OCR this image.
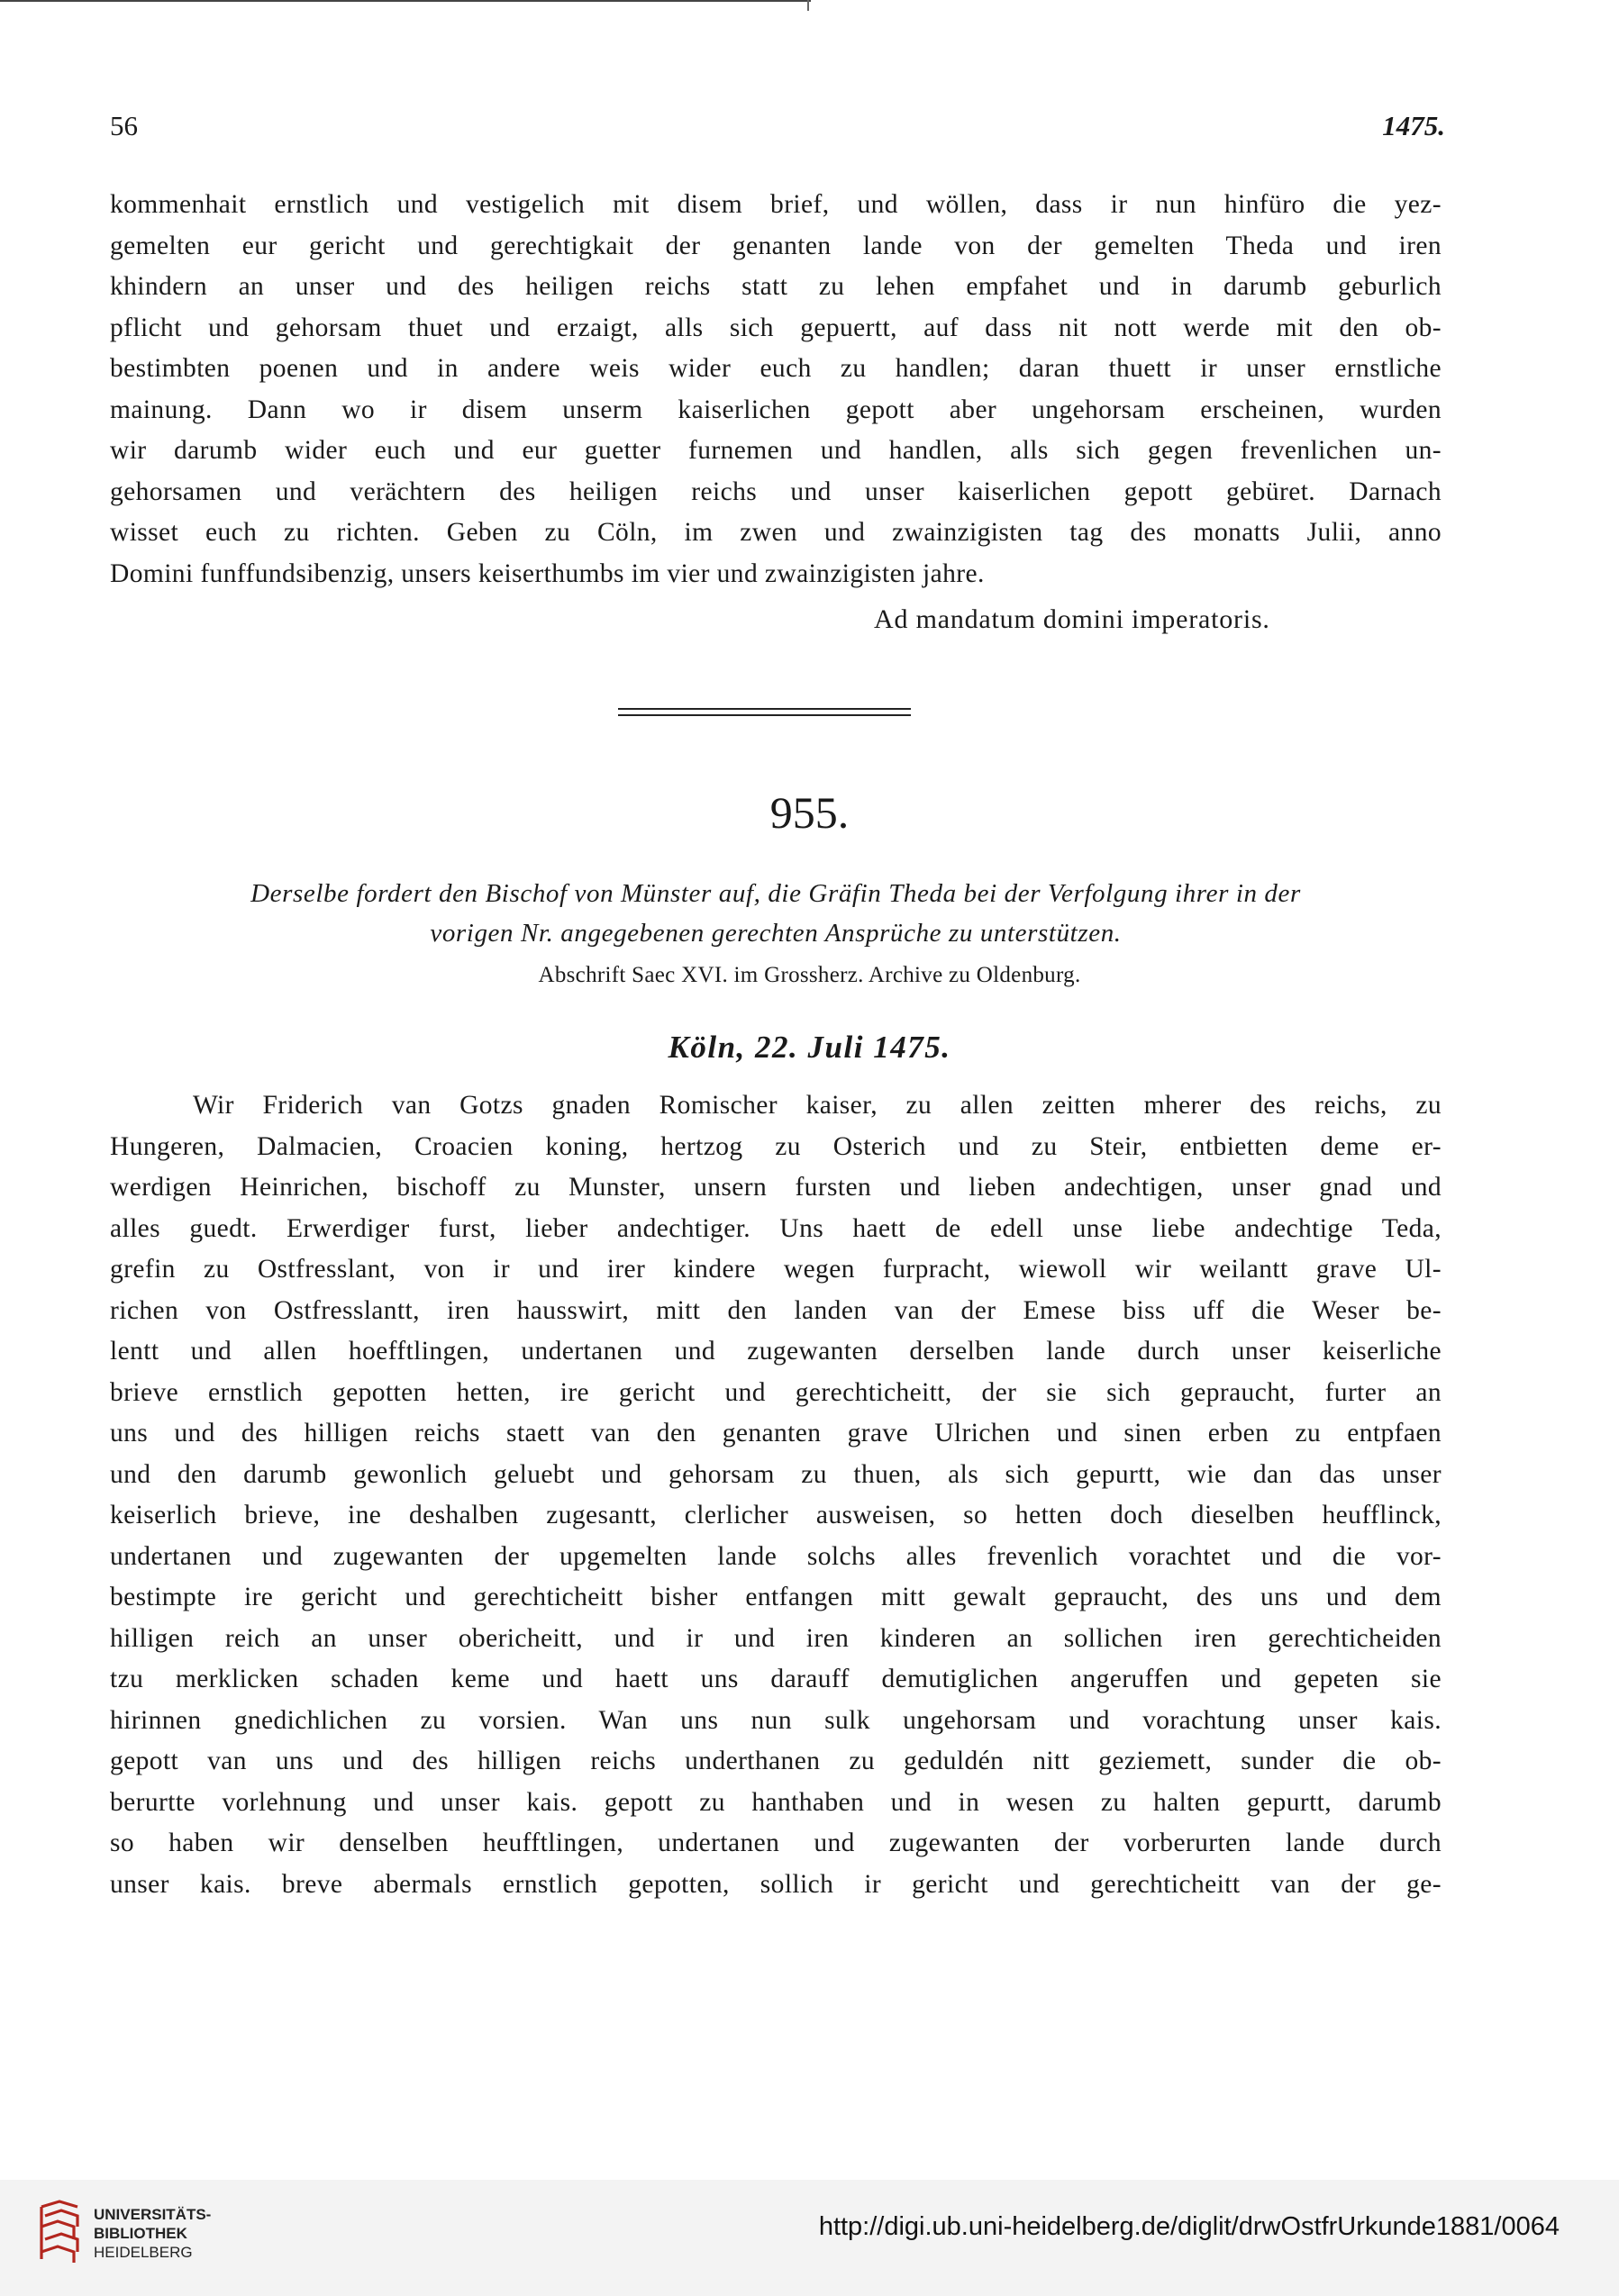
56	1475.
kommenhait ernstlich und vestigelich mit disem brief, und wöllen, dass ir nun hinfüro die yez-
gemelten eur gericht und gerechtigkait der genanten lande von der gemelten Theda und iren
khindern an unser und des heiligen reichs statt zu lehen empfahet und in darumb geburlich
pflicht und gehorsam thuet und erzaigt, alls sich gepuertt, auf dass nit nott werde mit den ob-
bestimbten poenen und in andere weis wider euch zu handlen; daran thuett ir unser ernstliche
mainung. Dann wo ir disem unserm kaiserlichen gepott aber ungehorsam erscheinen, wurden
wir darumb wider euch und eur guetter furnemen und handlen, alls sich gegen frevenlichen un-
gehorsamen und verächtern des heiligen reichs und unser kaiserlichen gepott gebüret. Darnach
wisset euch zu richten. Geben zu Cöln, im zwen und zwainzigisten tag des monatts Julii, anno
Domini funffundsibenzig, unsers keiserthumbs im vier und zwainzigisten jahre.
Ad mandatum domini imperatoris.
955.
Derselbe fordert den Bischof von Münster auf, die Gräfin Theda bei der Verfolgung ihrer in der
vorigen Nr. angegebenen gerechten Ansprüche zu unterstützen.
Abschrift Saec XVI. im Grossherz. Archive zu Oldenburg.
Köln, 22. Juli 1475.
Wir Friderich van Gotzs gnaden Romischer kaiser, zu allen zeitten mherer des reichs, zu
Hungeren, Dalmacien, Croacien koning, hertzog zu Osterich und zu Steir, entbietten deme er-
werdigen Heinrichen, bischoff zu Munster, unsern fursten und lieben andechtigen, unser gnad und
alles guedt. Erwerdiger furst, lieber andechtiger. Uns haett de edell unse liebe andechtige Teda,
grefin zu Ostfresslant, von ir und irer kindere wegen furpracht, wiewoll wir weilantt grave Ul-
richen von Ostfresslantt, iren hausswirt, mitt den landen van der Emese biss uff die Weser be-
lentt und allen hoefftlingen, undertanen und zugewanten derselben lande durch unser keiserliche
brieve ernstlich gepotten hetten, ire gericht und gerechticheitt, der sie sich gepraucht, furter an
uns und des hilligen reichs staett van den genanten grave Ulrichen und sinen erben zu entpfaen
und den darumb gewonlich geluebt und gehorsam zu thuen, als sich gepurtt, wie dan das unser
keiserlich brieve, ine deshalben zugesantt, clerlicher ausweisen, so hetten doch dieselben heufflinck,
undertanen und zugewanten der upgemelten lande solchs alles frevenlich vorachtet und die vor-
bestimpte ire gericht und gerechticheitt bisher entfangen mitt gewalt gepraucht, des uns und dem
hilligen reich an unser obericheitt, und ir und iren kinderen an sollichen iren gerechticheiden
tzu merklicken schaden keme und haett uns darauff demutiglichen angeruffen und gepeten sie
hirinnen gnedichlichen zu vorsien. Wan uns nun sulk ungehorsam und vorachtung unser kais.
gepott van uns und des hilligen reichs underthanen zu geduldén nitt geziemett, sunder die ob-
berurtte vorlehnung und unser kais. gepott zu hanthaben und in wesen zu halten gepurtt, darumb
so haben wir denselben heufftlingen, undertanen und zugewanten der vorberurten lande durch
unser kais. breve abermals ernstlich gepotten, sollich ir gericht und gerechticheitt van der ge-
UNIVERSITÄTS-
BIBLIOTHEK
HEIDELBERG
http://digi.ub.uni-heidelberg.de/diglit/drwOstfrUrkunde1881/0064
